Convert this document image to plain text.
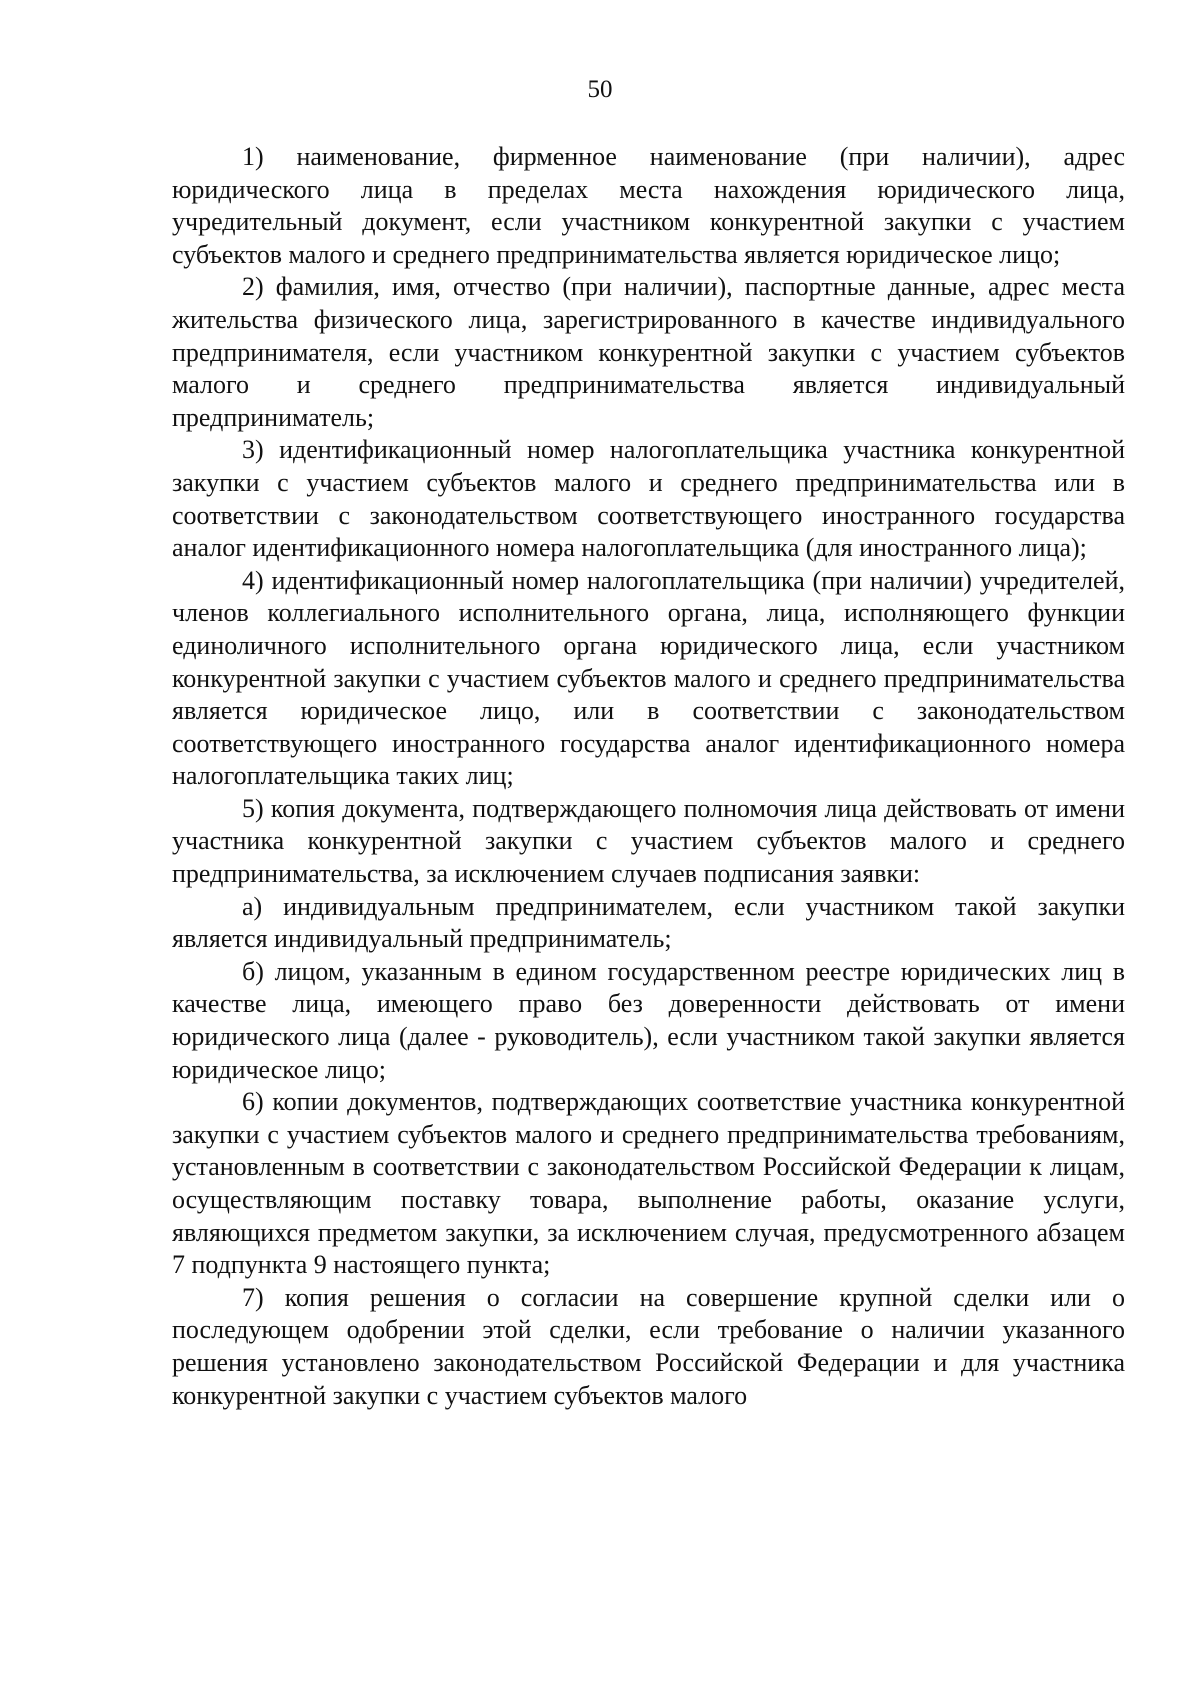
50

1) наименование, фирменное наименование (при наличии), адрес юридического лица в пределах места нахождения юридического лица, учредительный документ, если участником конкурентной закупки с участием субъектов малого и среднего предпринимательства является юридическое лицо;

2) фамилия, имя, отчество (при наличии), паспортные данные, адрес места жительства физического лица, зарегистрированного в качестве индивидуального предпринимателя, если участником конкурентной закупки с участием субъектов малого и среднего предпринимательства является индивидуальный предприниматель;

3) идентификационный номер налогоплательщика участника конкурентной закупки с участием субъектов малого и среднего предпринимательства или в соответствии с законодательством соответствующего иностранного государства аналог идентификационного номера налогоплательщика (для иностранного лица);

4) идентификационный номер налогоплательщика (при наличии) учредителей, членов коллегиального исполнительного органа, лица, исполняющего функции единоличного исполнительного органа юридического лица, если участником конкурентной закупки с участием субъектов малого и среднего предпринимательства является юридическое лицо, или в соответствии с законодательством соответствующего иностранного государства аналог идентификационного номера налогоплательщика таких лиц;

5) копия документа, подтверждающего полномочия лица действовать от имени участника конкурентной закупки с участием субъектов малого и среднего предпринимательства, за исключением случаев подписания заявки:

а) индивидуальным предпринимателем, если участником такой закупки является индивидуальный предприниматель;

б) лицом, указанным в едином государственном реестре юридических лиц в качестве лица, имеющего право без доверенности действовать от имени юридического лица (далее - руководитель), если участником такой закупки является юридическое лицо;

6) копии документов, подтверждающих соответствие участника конкурентной закупки с участием субъектов малого и среднего предпринимательства требованиям, установленным в соответствии с законодательством Российской Федерации к лицам, осуществляющим поставку товара, выполнение работы, оказание услуги, являющихся предметом закупки, за исключением случая, предусмотренного абзацем 7 подпункта 9 настоящего пункта;

7) копия решения о согласии на совершение крупной сделки или о последующем одобрении этой сделки, если требование о наличии указанного решения установлено законодательством Российской Федерации и для участника конкурентной закупки с участием субъектов малого
